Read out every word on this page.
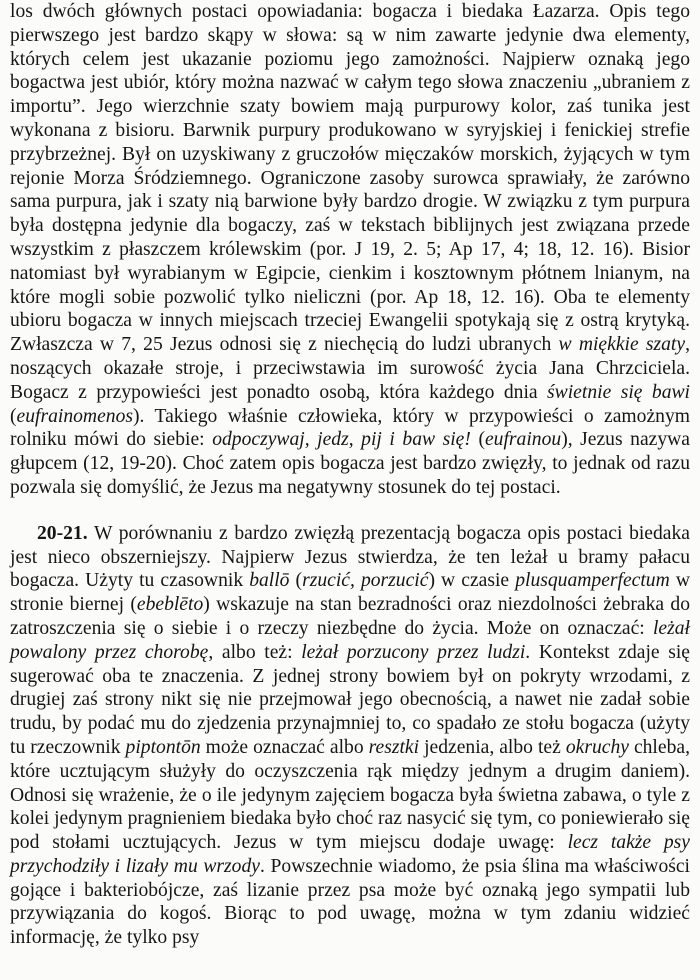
los dwóch głównych postaci opowiadania: bogacza i biedaka Łazarza. Opis tego pierwszego jest bardzo skąpy w słowa: są w nim zawarte jedynie dwa elementy, których celem jest ukazanie poziomu jego zamożności. Najpierw oznaką jego bogactwa jest ubiór, który można nazwać w całym tego słowa znaczeniu „ubraniem z importu”. Jego wierzchnie szaty bowiem mają purpurowy kolor, zaś tunika jest wykonana z bisioru. Barwnik purpury produkowano w syryjskiej i fenickiej strefie przybrzeżnej. Był on uzyskiwany z gruczołów mięczaków morskich, żyjących w tym rejonie Morza Śródziemnego. Ograniczone zasoby surowca sprawiały, że zarówno sama purpura, jak i szaty nią barwione były bardzo drogie. W związku z tym purpura była dostępna jedynie dla bogaczy, zaś w tekstach biblijnych jest związana przede wszystkim z płaszczem królewskim (por. J 19, 2. 5; Ap 17, 4; 18, 12. 16). Bisior natomiast był wyrabianym w Egipcie, cienkim i kosztownym płótnem lnianym, na które mogli sobie pozwolić tylko nieliczni (por. Ap 18, 12. 16). Oba te elementy ubioru bogacza w innych miejscach trzeciej Ewangelii spotykają się z ostrą krytyką. Zwłaszcza w 7, 25 Jezus odnosi się z niechęcią do ludzi ubranych w miękkie szaty, noszących okazałe stroje, i przeciwstawia im surowość życia Jana Chrzciciela. Bogacz z przypowieści jest ponadto osobą, która każdego dnia świetnie się bawi (eufrainomenos). Takiego właśnie człowieka, który w przypowieści o zamożnym rolniku mówi do siebie: odpoczywaj, jedz, pij i baw się! (eufrainou), Jezus nazywa głupcem (12, 19-20). Choć zatem opis bogacza jest bardzo zwięzły, to jednak od razu pozwala się domyślić, że Jezus ma negatywny stosunek do tej postaci.

20-21. W porównaniu z bardzo zwięzłą prezentacją bogacza opis postaci biedaka jest nieco obszerniejszy. Najpierw Jezus stwierdza, że ten leżał u bramy pałacu bogacza. Użyty tu czasownik ballō (rzucić, porzucić) w czasie plusquamperfectum w stronie biernej (ebeblēto) wskazuje na stan bezradności oraz niezdolności żebraka do zatroszczenia się o siebie i o rzeczy niezbędne do życia. Może on oznaczać: leżał powalony przez chorobę, albo też: leżał porzucony przez ludzi. Kontekst zdaje się sugerować oba te znaczenia. Z jednej strony bowiem był on pokryty wrzodami, z drugiej zaś strony nikt się nie przejmował jego obecnością, a nawet nie zadał sobie trudu, by podać mu do zjedzenia przynajmniej to, co spadało ze stołu bogacza (użyty tu rzeczownik piptontōn może oznaczać albo resztki jedzenia, albo też okruchy chleba, które ucztującym służyły do oczyszczenia rąk między jednym a drugim daniem). Odnosi się wrażenie, że o ile jedynym zajęciem bogacza była świetna zabawa, o tyle z kolei jedynym pragnieniem biedaka było choć raz nasycić się tym, co poniewierało się pod stołami ucztujących. Jezus w tym miejscu dodaje uwagę: lecz także psy przychodziły i lizały mu wrzody. Powszechnie wiadomo, że psia ślina ma właściwości gojące i bakteriobójcze, zaś lizanie przez psa może być oznaką jego sympatii lub przywiązania do kogoś. Biorąc to pod uwagę, można w tym zdaniu widzieć informację, że tylko psy
